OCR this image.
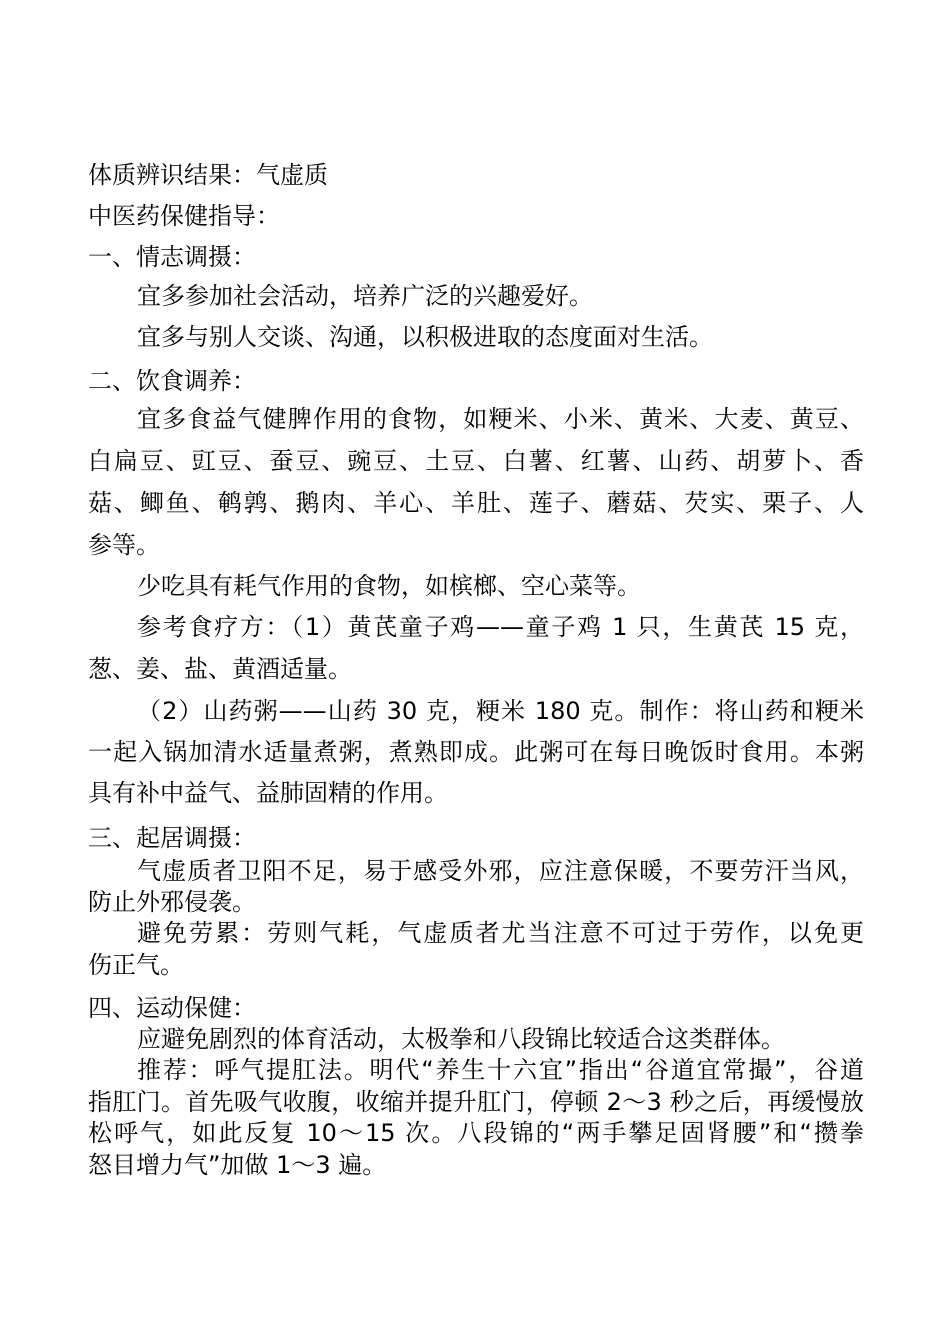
体质辨识结果：气虚质

中医药保健指导：

一、情志调摄：

宜多参加社会活动，培养广泛的兴趣爱好。

宜多与别人交谈、沟通，以积极进取的态度面对生活。

二、饮食调养：

宜多食益气健脾作用的食物，如粳米、小米、黄米、大麦、黄豆、

白扁豆、豇豆、蚕豆、豌豆、土豆、白薯、红薯、山药、胡萝卜、香

菇、鲫鱼、鹌鹑、鹅肉、羊心、羊肚、莲子、蘑菇、芡实、栗子、人

参等。

少吃具有耗气作用的食物，如槟榔、空心菜等。

参考食疗方：（1）黄芪童子鸡——童子鸡 1 只，生黄芪 15 克，

葱、姜、盐、黄酒适量。

（2）山药粥——山药 30 克，粳米 180 克。制作：将山药和粳米

一起入锅加清水适量煮粥，煮熟即成。此粥可在每日晚饭时食用。本粥

具有补中益气、益肺固精的作用。

三、起居调摄：

气虚质者卫阳不足，易于感受外邪，应注意保暖，不要劳汗当风，

防止外邪侵袭。

避免劳累：劳则气耗，气虚质者尤当注意不可过于劳作，以免更

伤正气。

四、运动保健：

应避免剧烈的体育活动，太极拳和八段锦比较适合这类群体。

推荐：呼气提肛法。明代“养生十六宜”指出“谷道宜常撮”，谷道

指肛门。首先吸气收腹，收缩并提升肛门，停顿 2～3 秒之后，再缓慢放

松呼气，如此反复 10～15 次。八段锦的“两手攀足固肾腰”和“攒拳

怒目增力气”加做 1～3 遍。
